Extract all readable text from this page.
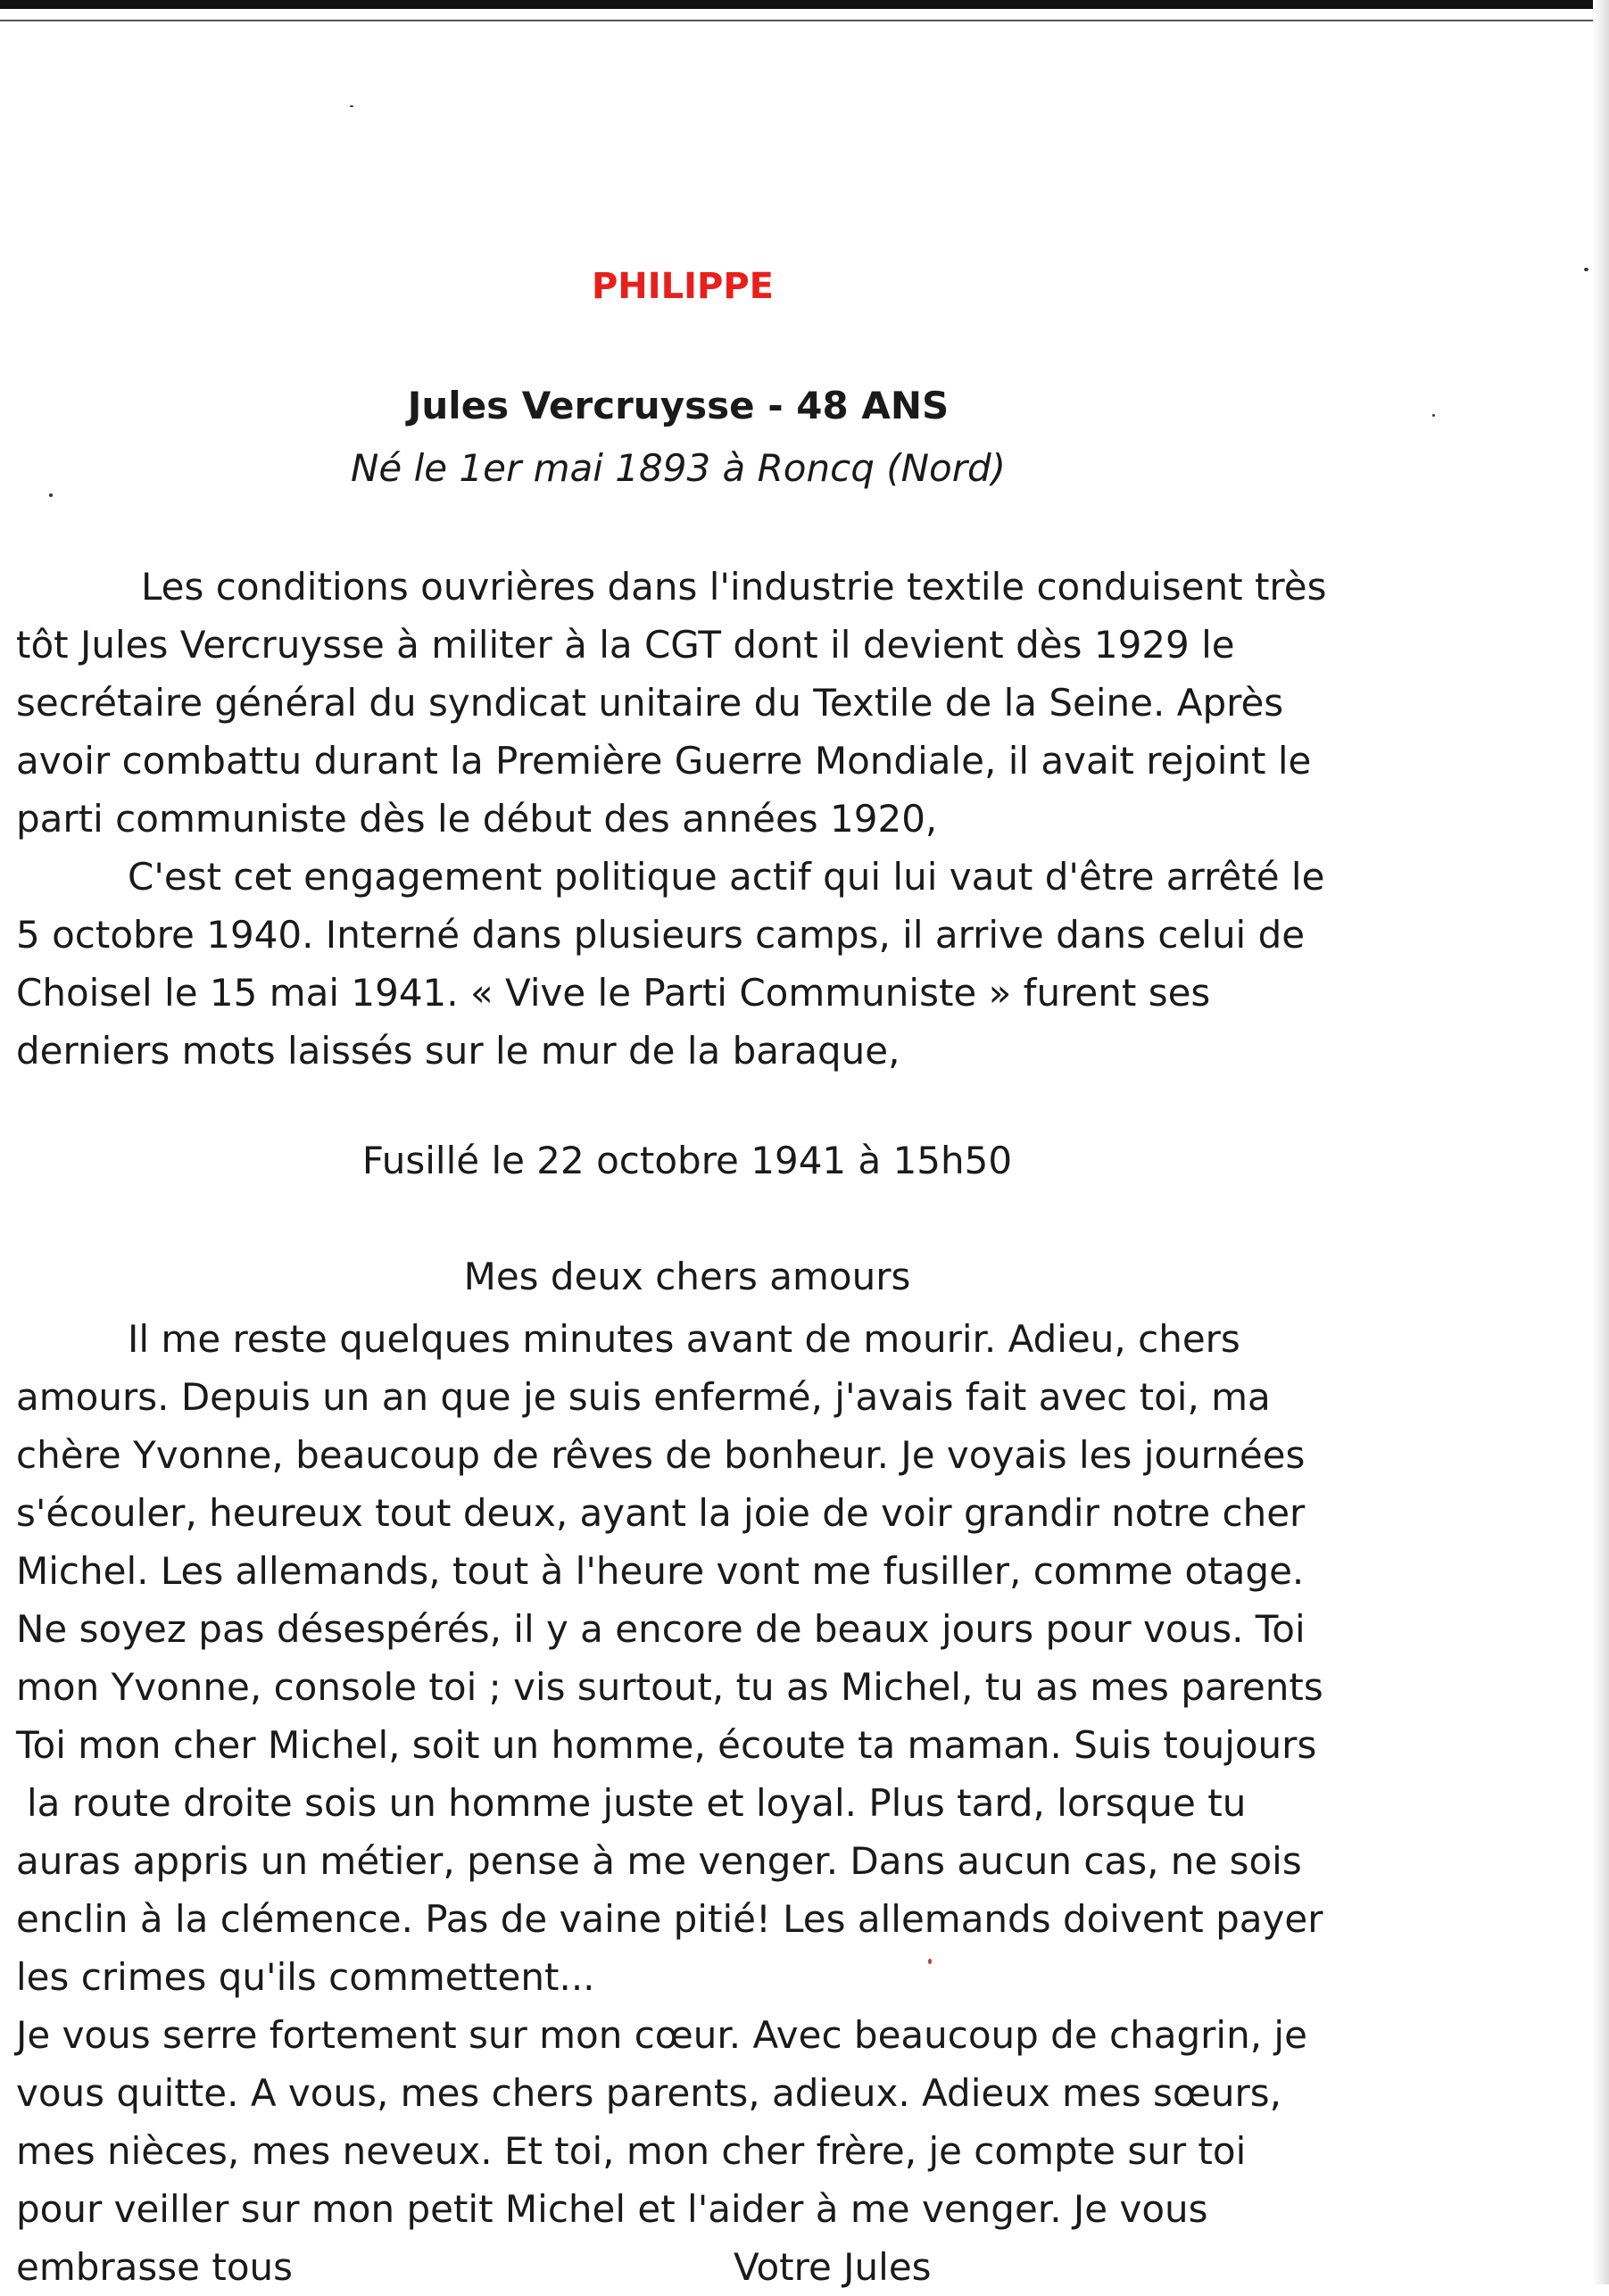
PHILIPPE
Jules Vercruysse - 48 ANS
Né le 1er mai 1893 à Roncq (Nord)
Les conditions ouvrières dans l'industrie textile conduisent très
tôt Jules Vercruysse à militer à la CGT dont il devient dès 1929 le
secrétaire général du syndicat unitaire du Textile de la Seine. Après
avoir combattu durant la Première Guerre Mondiale, il avait rejoint le
parti communiste dès le début des années 1920,
C'est cet engagement politique actif qui lui vaut d'être arrêté le
5 octobre 1940. Interné dans plusieurs camps, il arrive dans celui de
Choisel le 15 mai 1941. « Vive le Parti Communiste » furent ses
derniers mots laissés sur le mur de la baraque,
Fusillé le 22 octobre 1941 à 15h50
Mes deux chers amours
Il me reste quelques minutes avant de mourir. Adieu, chers
amours. Depuis un an que je suis enfermé, j'avais fait avec toi, ma
chère Yvonne, beaucoup de rêves de bonheur. Je voyais les journées
s'écouler, heureux tout deux, ayant la joie de voir grandir notre cher
Michel. Les allemands, tout à l'heure vont me fusiller, comme otage.
Ne soyez pas désespérés, il y a encore de beaux jours pour vous. Toi
mon Yvonne, console toi ; vis surtout, tu as Michel, tu as mes parents
Toi mon cher Michel, soit un homme, écoute ta maman. Suis toujours
la route droite sois un homme juste et loyal. Plus tard, lorsque tu
auras appris un métier, pense à me venger. Dans aucun cas, ne sois
enclin à la clémence. Pas de vaine pitié! Les allemands doivent payer
les crimes qu'ils commettent...
Je vous serre fortement sur mon cœur. Avec beaucoup de chagrin, je
vous quitte. A vous, mes chers parents, adieux. Adieux mes sœurs,
mes nièces, mes neveux. Et toi, mon cher frère, je compte sur toi
pour veiller sur mon petit Michel et l'aider à me venger. Je vous
embrasse tous	Votre Jules
